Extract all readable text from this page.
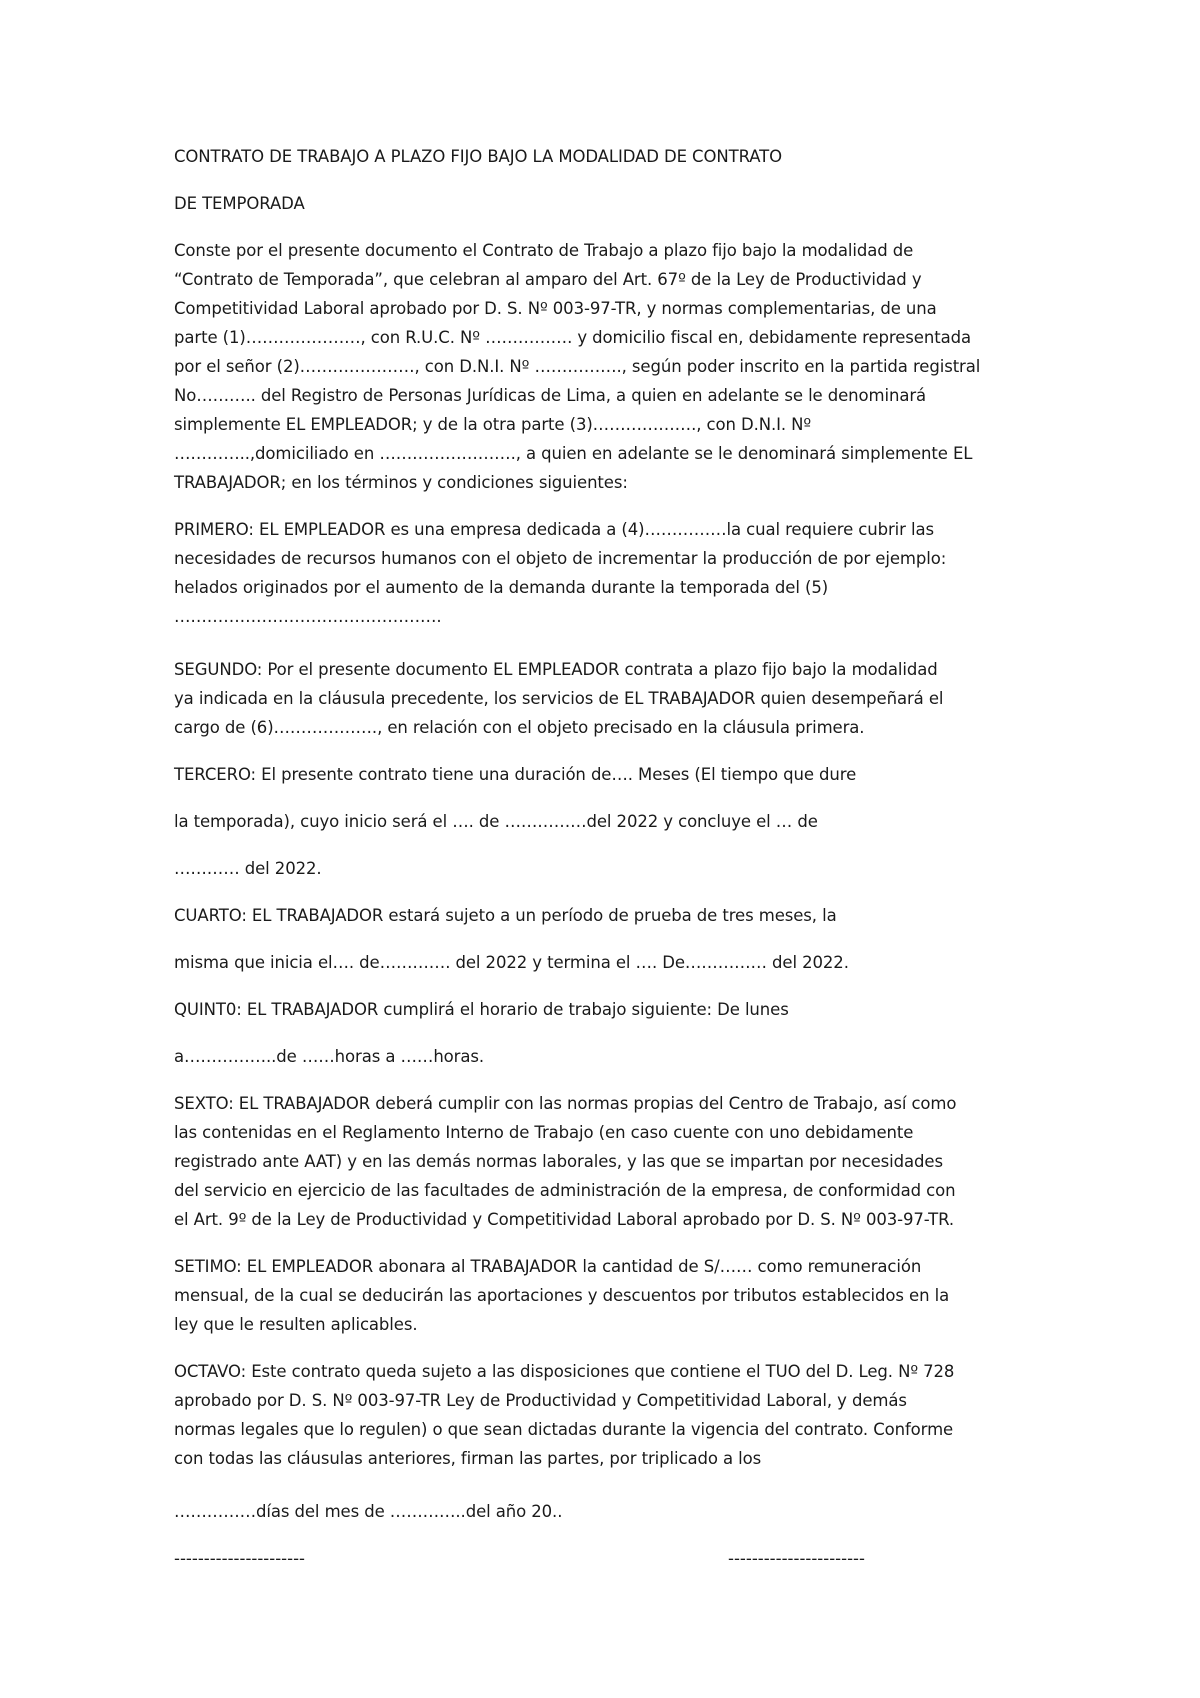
CONTRATO DE TRABAJO A PLAZO FIJO BAJO LA MODALIDAD DE CONTRATO
DE TEMPORADA
Conste por el presente documento el Contrato de Trabajo a plazo fijo bajo la modalidad de
“Contrato de Temporada”, que celebran al amparo del Art. 67º de la Ley de Productividad y
Competitividad Laboral aprobado por D. S. Nº 003-97-TR, y normas complementarias, de una
parte (1)…………………, con R.U.C. Nº ……………. y domicilio fiscal en, debidamente representada
por el señor (2)…………………, con D.N.I. Nº ……………., según poder inscrito en la partida registral
No……….. del Registro de Personas Jurídicas de Lima, a quien en adelante se le denominará
simplemente EL EMPLEADOR; y de la otra parte (3)………………., con D.N.I. Nº
…………..,domiciliado en ……………………., a quien en adelante se le denominará simplemente EL
TRABAJADOR; en los términos y condiciones siguientes:
PRIMERO: EL EMPLEADOR es una empresa dedicada a (4)……………la cual requiere cubrir las
necesidades de recursos humanos con el objeto de incrementar la producción de por ejemplo:
helados originados por el aumento de la demanda durante la temporada del (5)
………………………………………….
SEGUNDO: Por el presente documento EL EMPLEADOR contrata a plazo fijo bajo la modalidad
ya indicada en la cláusula precedente, los servicios de EL TRABAJADOR quien desempeñará el
cargo de (6)………………., en relación con el objeto precisado en la cláusula primera.
TERCERO: El presente contrato tiene una duración de…. Meses (El tiempo que dure
la temporada), cuyo inicio será el …. de ……………del 2022 y concluye el … de
………… del 2022.
CUARTO: EL TRABAJADOR estará sujeto a un período de prueba de tres meses, la
misma que inicia el…. de…………. del 2022 y termina el …. De…………… del 2022.
QUINT0: EL TRABAJADOR cumplirá el horario de trabajo siguiente: De lunes
a……………..de ……horas a ……horas.
SEXTO: EL TRABAJADOR deberá cumplir con las normas propias del Centro de Trabajo, así como
las contenidas en el Reglamento Interno de Trabajo (en caso cuente con uno debidamente
registrado ante AAT) y en las demás normas laborales, y las que se impartan por necesidades
del servicio en ejercicio de las facultades de administración de la empresa, de conformidad con
el Art. 9º de la Ley de Productividad y Competitividad Laboral aprobado por D. S. Nº 003-97-TR.
SETIMO: EL EMPLEADOR abonara al TRABAJADOR la cantidad de S/…… como remuneración
mensual, de la cual se deducirán las aportaciones y descuentos por tributos establecidos en la
ley que le resulten aplicables.
OCTAVO: Este contrato queda sujeto a las disposiciones que contiene el TUO del D. Leg. Nº 728
aprobado por D. S. Nº 003-97-TR Ley de Productividad y Competitividad Laboral, y demás
normas legales que lo regulen) o que sean dictadas durante la vigencia del contrato. Conforme
con todas las cláusulas anteriores, firman las partes, por triplicado a los
……………días del mes de …………..del año 20..
----------------------	-----------------------
